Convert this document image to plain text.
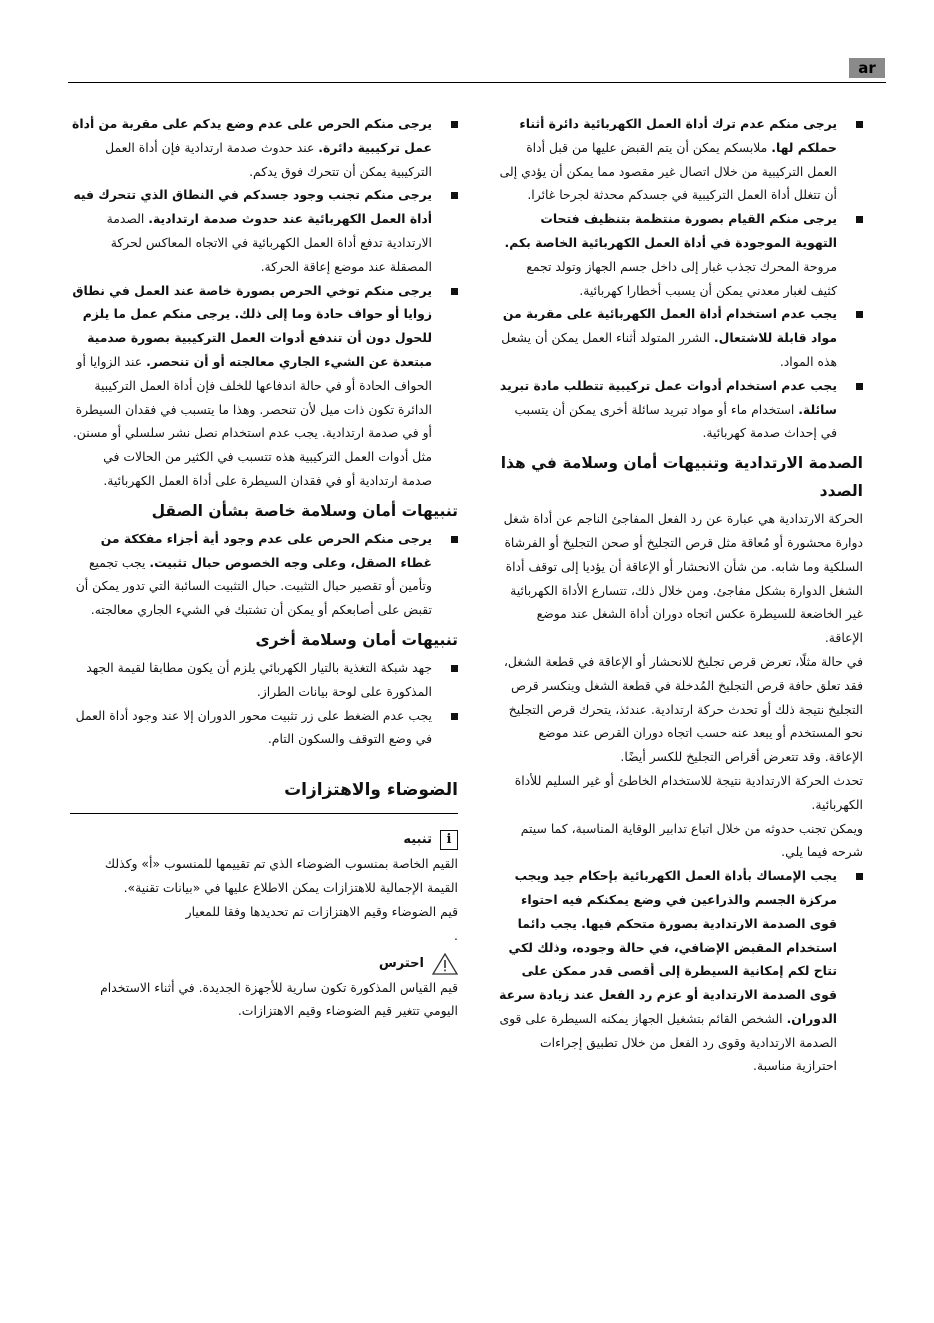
ar

يرجى منكم عدم ترك أداة العمل الكهربائية دائرة أثناء حملكم لها. ملابسكم يمكن أن يتم القبض عليها من قبل أداة العمل التركيبية من خلال اتصال غير مقصود مما يمكن أن يؤدي إلى أن تتغلل أداة العمل التركيبية في جسدكم محدثة لجرحا غائرا.

يرجى منكم القيام بصورة منتظمة بتنظيف فتحات التهوية الموجودة في أداة العمل الكهربائية الخاصة بكم. مروحة المحرك تجذب غبار إلى داخل جسم الجهاز وتولد تجمع كثيف لغبار معدني يمكن أن يسبب أخطارا كهربائية.

يجب عدم استخدام أداة العمل الكهربائية على مقربة من مواد قابلة للاشتعال. الشرر المتولد أثناء العمل يمكن أن يشعل هذه المواد.

يجب عدم استخدام أدوات عمل تركيبية تتطلب مادة تبريد سائلة. استخدام ماء أو مواد تبريد سائلة أخرى يمكن أن يتسبب في إحداث صدمة كهربائية.

الصدمة الارتدادية وتنبيهات أمان وسلامة في هذا الصدد

الحركة الارتدادية هي عبارة عن رد الفعل المفاجئ الناجم عن أداة شغل دوارة محشورة أو مُعاقة مثل قرص التجليخ أو صحن التجليخ أو الفرشاة السلكية وما شابه. من شأن الانحشار أو الإعاقة أن يؤديا إلى توقف أداة الشغل الدوارة بشكل مفاجئ. ومن خلال ذلك، تتسارع الأداة الكهربائية غير الخاضعة للسيطرة عكس اتجاه دوران أداة الشغل عند موضع الإعاقة.

في حالة مثلًا، تعرض قرص تجليخ للانحشار أو الإعاقة في قطعة الشغل، فقد تعلق حافة قرص التجليخ المُدخلة في قطعة الشغل وينكسر قرص التجليخ نتيجة ذلك أو تحدث حركة ارتدادية. عندئذ، يتحرك قرص التجليخ نحو المستخدم أو يبعد عنه حسب اتجاه دوران القرص عند موضع الإعاقة. وقد تتعرض أقراص التجليخ للكسر أيضًا.

تحدث الحركة الارتدادية نتيجة للاستخدام الخاطئ أو غير السليم للأداة الكهربائية.

ويمكن تجنب حدوثه من خلال اتباع تدابير الوقاية المناسبة، كما سيتم شرحه فيما يلي.

يجب الإمساك بأداة العمل الكهربائية بإحكام جيد ويجب مركزة الجسم والذراعين في وضع يمكنكم فيه احتواء قوى الصدمة الارتدادية بصورة متحكم فيها. يجب دائما استخدام المقبض الإضافي، في حالة وجوده، وذلك لكي تتاح لكم إمكانية السيطرة إلى أقصى قدر ممكن على قوى الصدمة الارتدادية أو عزم رد الفعل عند زيادة سرعة الدوران. الشخص القائم بتشغيل الجهاز يمكنه السيطرة على قوى الصدمة الارتدادية وقوى رد الفعل من خلال تطبيق إجراءات احترازية مناسبة.

يرجى منكم الحرص على عدم وضع يدكم على مقربة من أداة عمل تركيبية دائرة. عند حدوث صدمة ارتدادية فإن أداة العمل التركيبية يمكن أن تتحرك فوق يدكم.

يرجى منكم تجنب وجود جسدكم في النطاق الذي تتحرك فيه أداة العمل الكهربائية عند حدوث صدمة ارتدادية. الصدمة الارتدادية تدفع أداة العمل الكهربائية في الاتجاه المعاكس لحركة المصقلة عند موضع إعاقة الحركة.

يرجى منكم توخي الحرص بصورة خاصة عند العمل في نطاق زوايا أو حواف حادة وما إلى ذلك. يرجى منكم عمل ما يلزم للحول دون أن تندفع أدوات العمل التركيبية بصورة صدمية مبتعدة عن الشيء الجاري معالجته أو أن تنحصر. عند الزوايا أو الحواف الحادة أو في حالة اندفاعها للخلف فإن أداة العمل التركيبية الدائرة تكون ذات ميل لأن تنحصر. وهذا ما يتسبب في فقدان السيطرة أو في صدمة ارتدادية. يجب عدم استخدام نصل نشر سلسلي أو مسنن. مثل أدوات العمل التركيبية هذه تتسبب في الكثير من الحالات في صدمة ارتدادية أو في فقدان السيطرة على أداة العمل الكهربائية.

تنبيهات أمان وسلامة خاصة بشأن الصقل

يرجى منكم الحرص على عدم وجود أية أجزاء مفككة من غطاء الصقل، وعلى وجه الخصوص حبال تثبيت. يجب تجميع وتأمين أو تقصير حبال التثبيت. حبال التثبيت السائبة التي تدور يمكن أن تقبض على أصابعكم أو يمكن أن تشتبك في الشيء الجاري معالجته.

تنبيهات أمان وسلامة أخرى

جهد شبكة التغذية بالتيار الكهربائي يلزم أن يكون مطابقا لقيمة الجهد المذكورة على لوحة بيانات الطراز.

يجب عدم الضغط على زر تثبيت محور الدوران إلا عند وجود أداة العمل في وضع التوقف والسكون التام.

الضوضاء والاهتزازات
i
تنبيه

القيم الخاصة بمنسوب الضوضاء الذي تم تقييمها للمنسوب «أ» وكذلك القيمة الإجمالية للاهتزازات يمكن الاطلاع عليها في «بيانات تقنية».

قيم الضوضاء وقيم الاهتزازات تم تحديدها وفقا للمعيار

.

احترس

قيم القياس المذكورة تكون سارية للأجهزة الجديدة. في أثناء الاستخدام اليومي تتغير قيم الضوضاء وقيم الاهتزازات.
